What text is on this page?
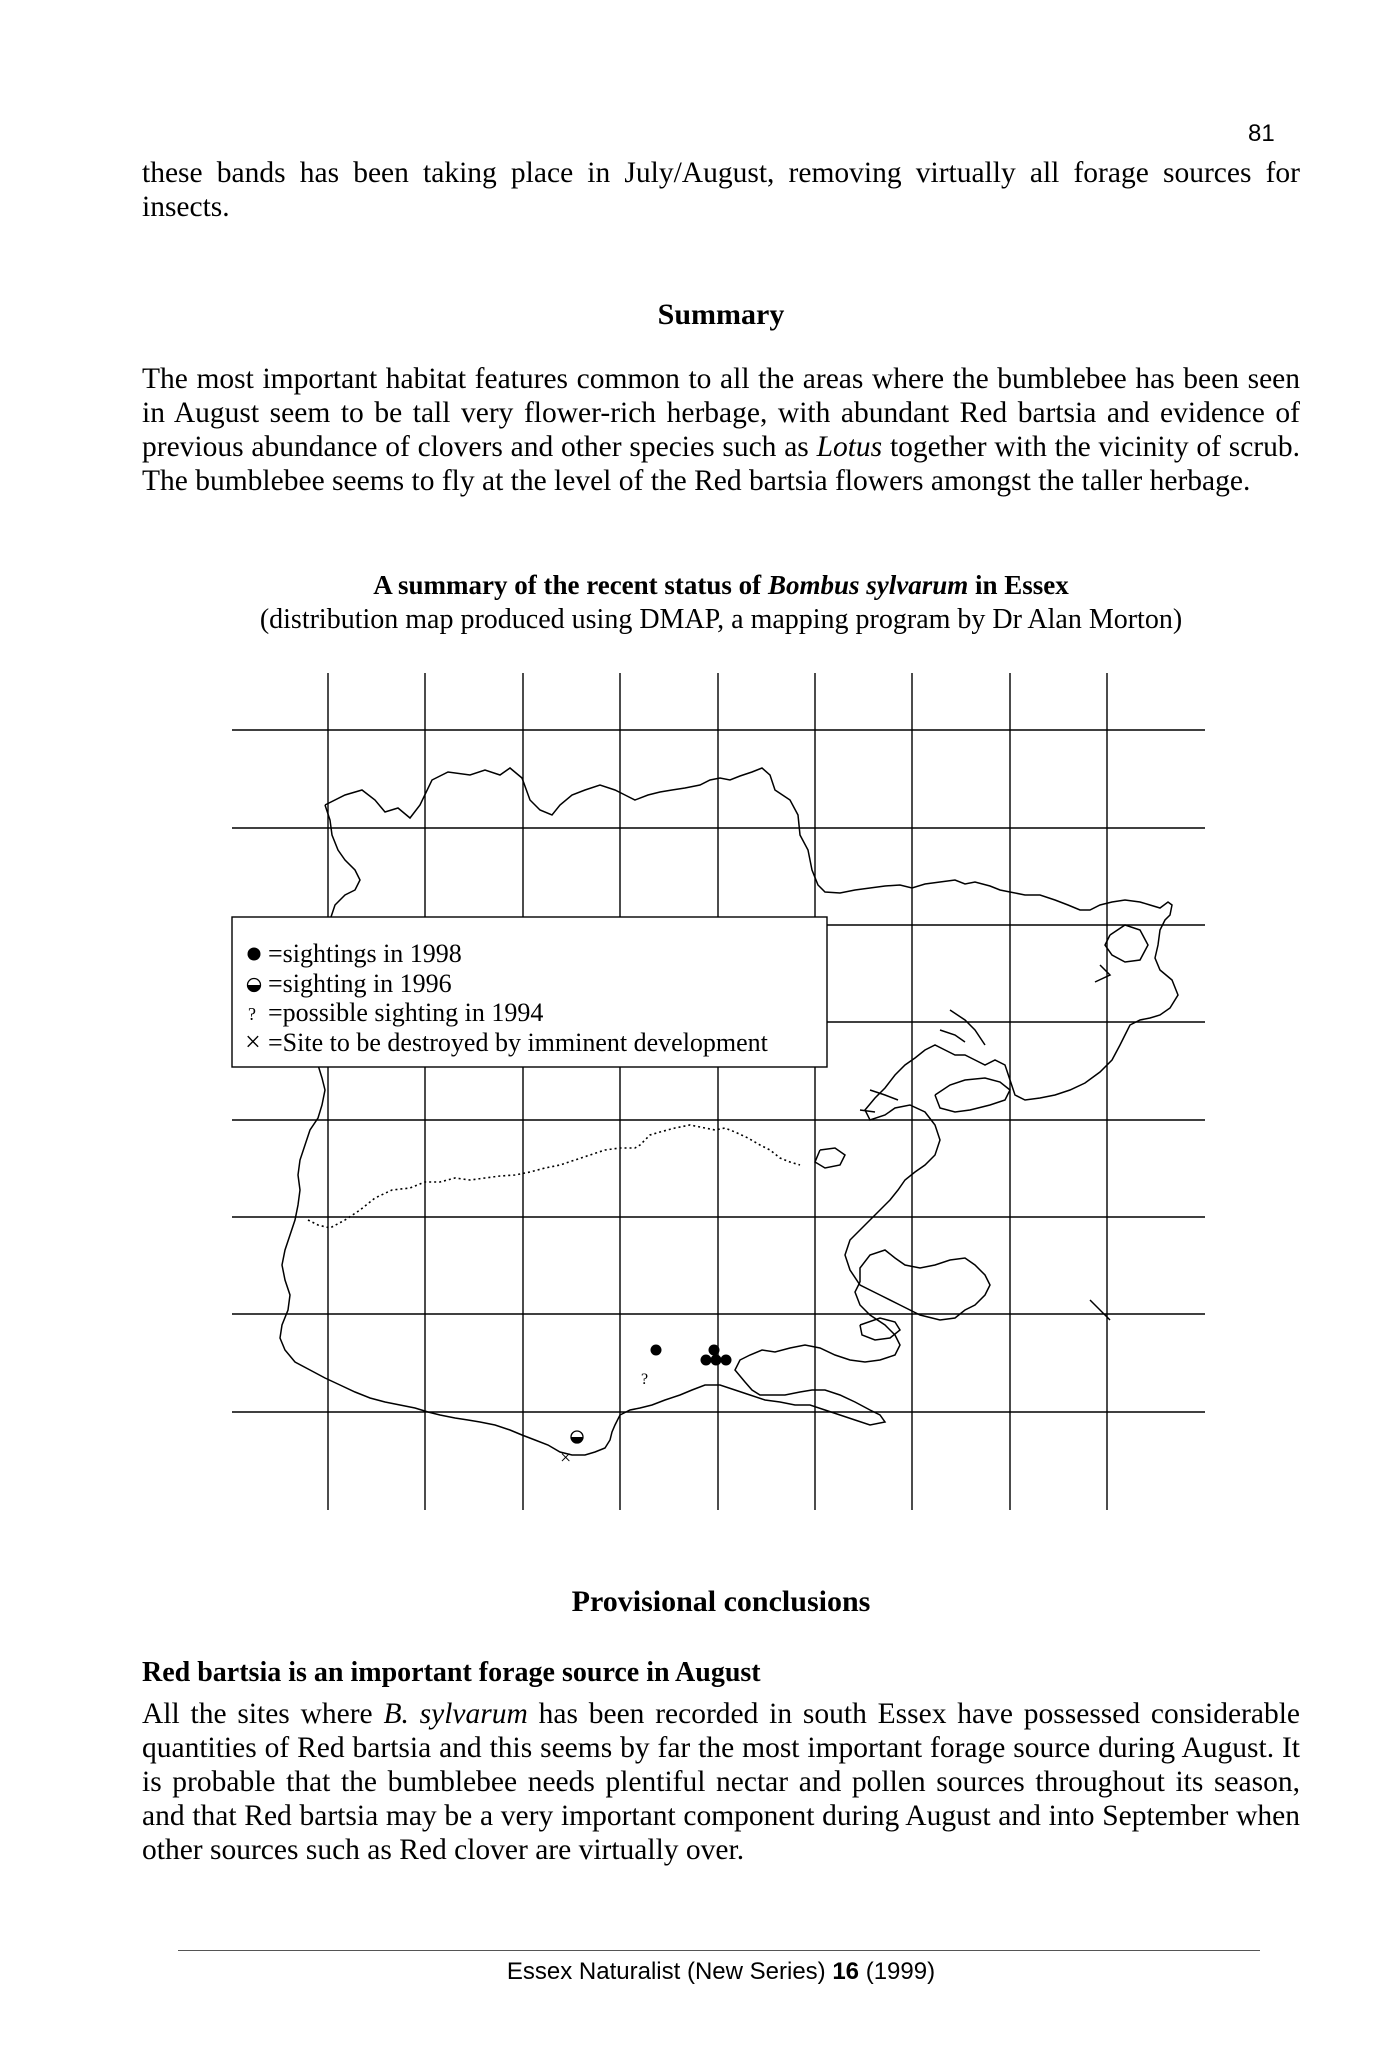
81

these bands has been taking place in July/August, removing virtually all forage sources for insects.

Summary

The most important habitat features common to all the areas where the bumblebee has been seen in August seem to be tall very flower-rich herbage, with abundant Red bartsia and evidence of previous abundance of clovers and other species such as Lotus together with the vicinity of scrub. The bumblebee seems to fly at the level of the Red bartsia flowers amongst the taller herbage.

A summary of the recent status of Bombus sylvarum in Essex

(distribution map produced using DMAP, a mapping program by Dr Alan Morton)

?
×
=sightings in 1998
=sighting in 1996
=possible sighting in 1994
=Site to be destroyed by imminent development
?
×

Provisional conclusions

Red bartsia is an important forage source in August

All the sites where B. sylvarum has been recorded in south Essex have possessed considerable quantities of Red bartsia and this seems by far the most important forage source during August. It is probable that the bumblebee needs plentiful nectar and pollen sources throughout its season, and that Red bartsia may be a very important component during August and into September when other sources such as Red clover are virtually over.

Essex Naturalist (New Series) 16 (1999)
